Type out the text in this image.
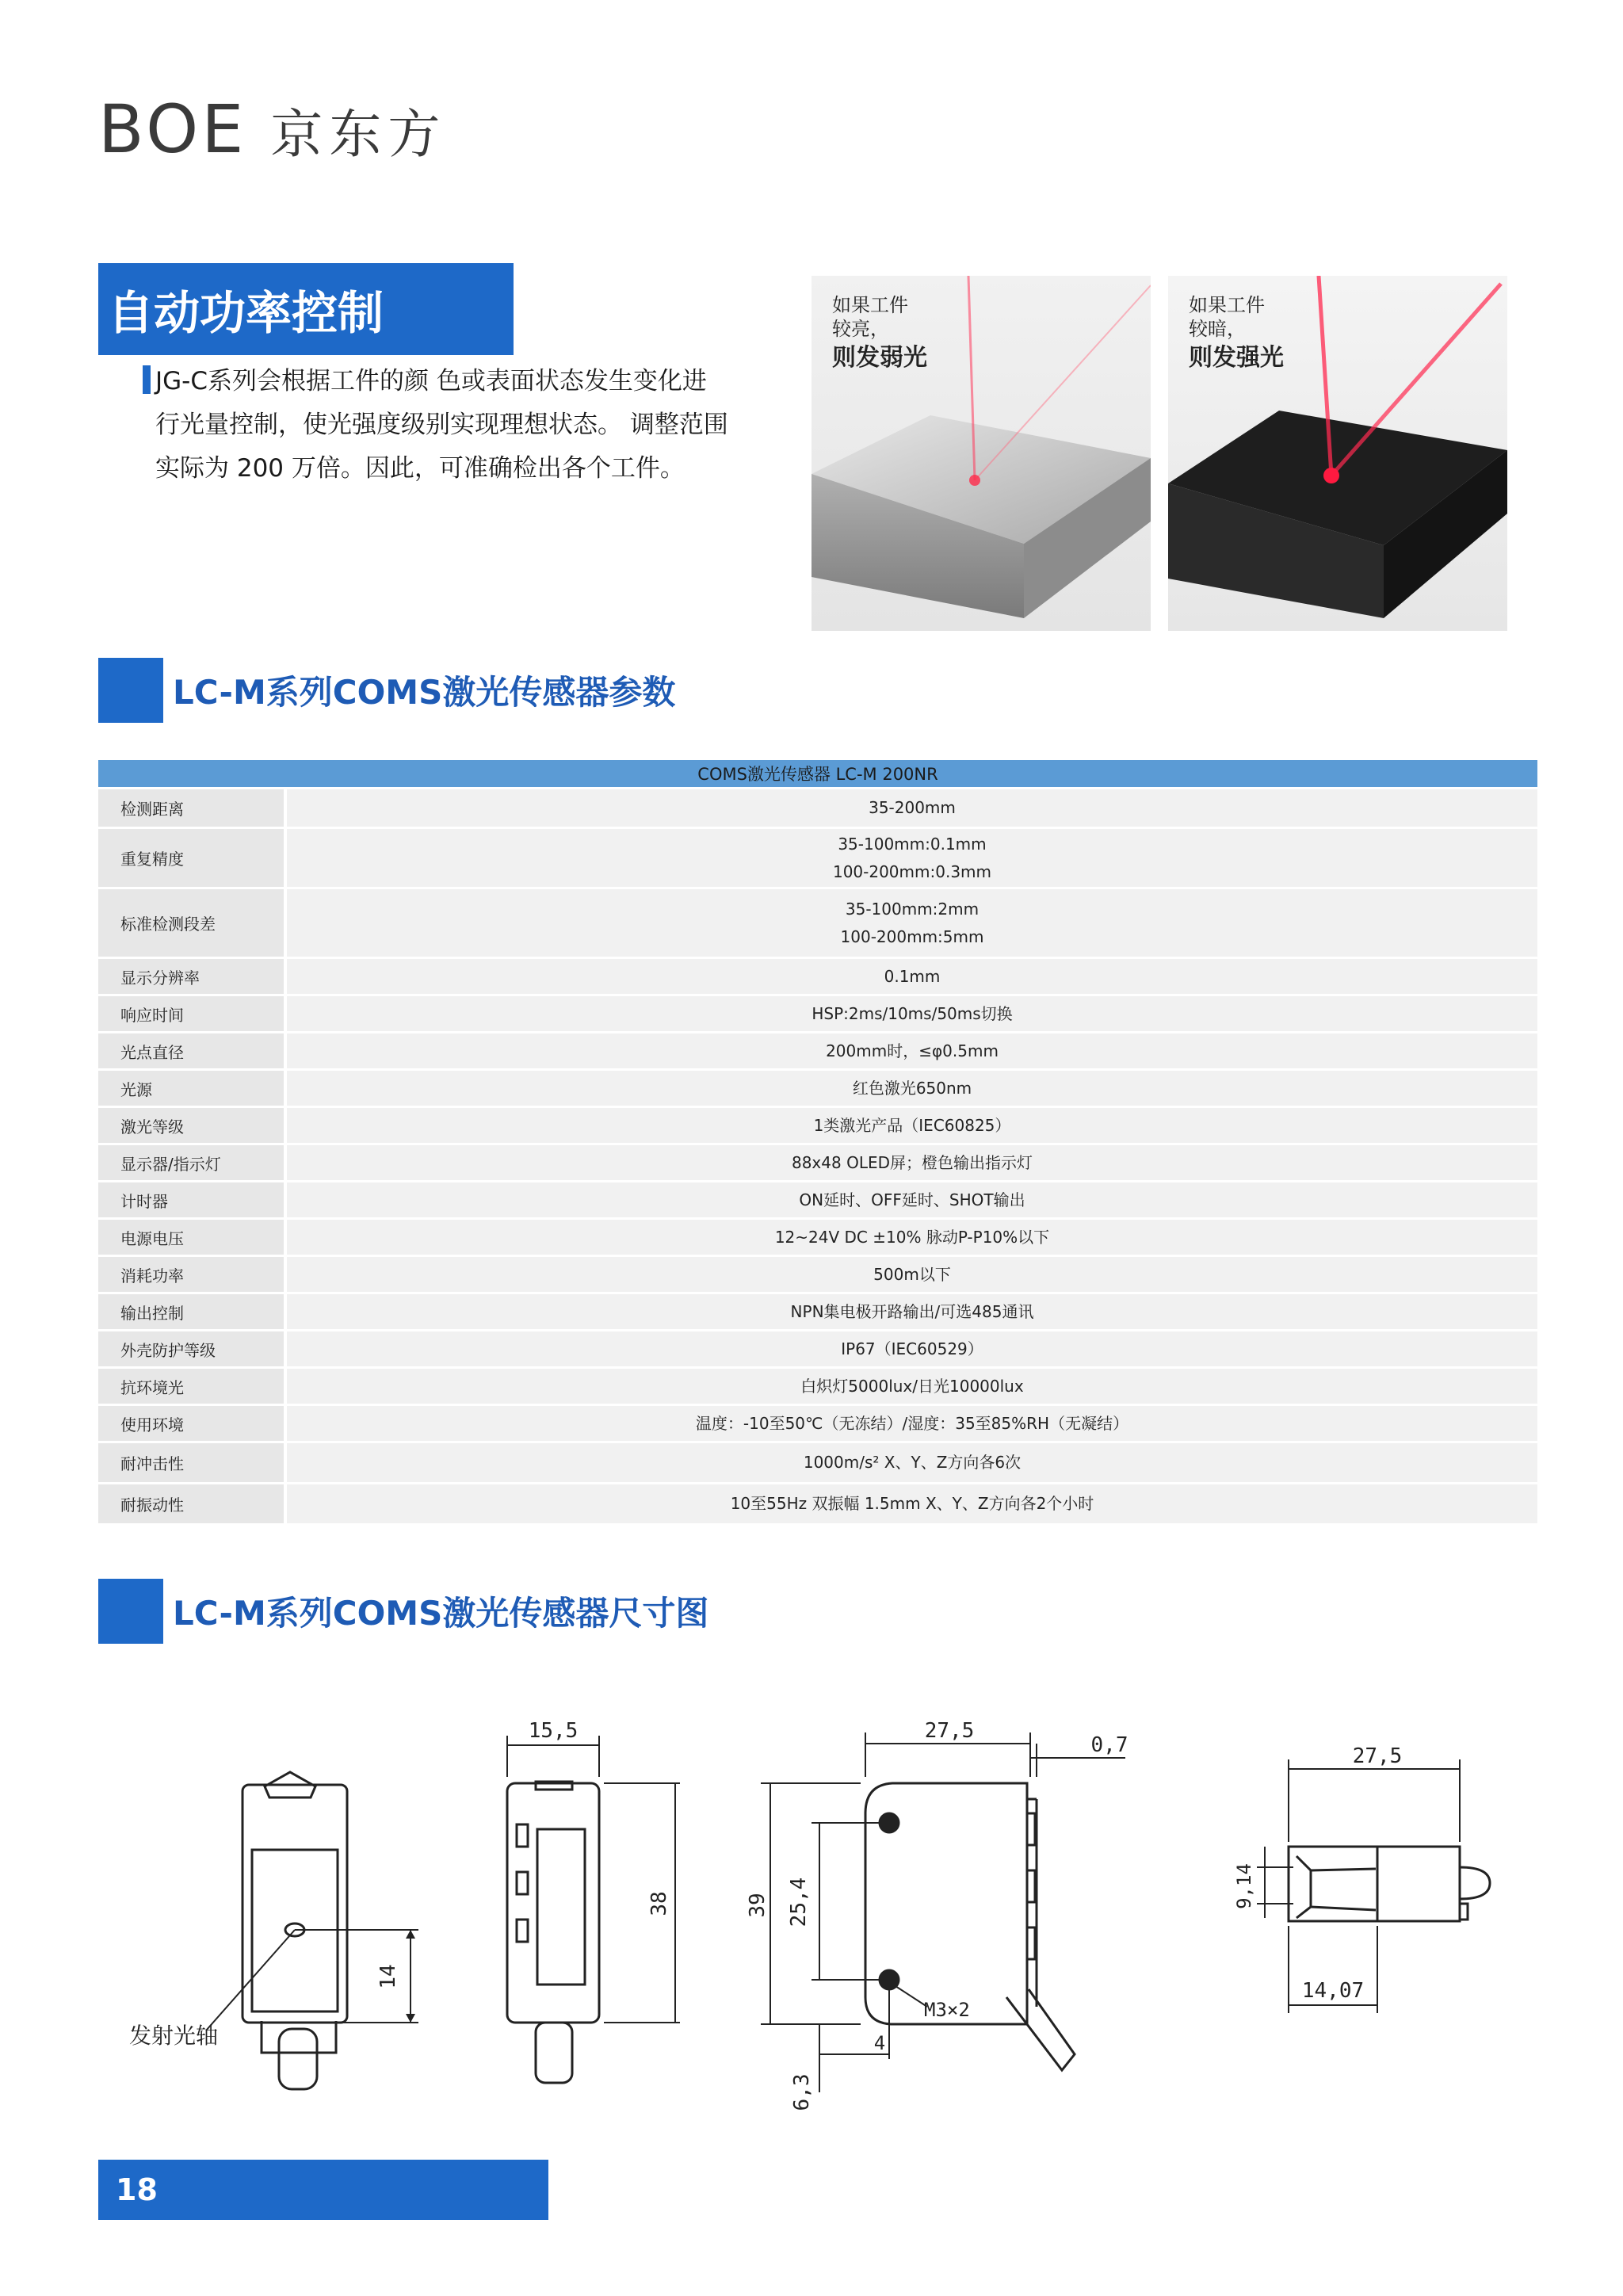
BOE 京东方
自动功率控制
JG-C系列会根据工件的颜 色或表面状态发生变化进
行光量控制，使光强度级别实现理想状态。 调整范围
实际为 200 万倍。因此，可准确检出各个工件。
如果工件
较亮，
则发弱光
如果工件
较暗，
则发强光
LC-M系列COMS激光传感器参数
COMS激光传感器 LC-M 200NR	
检测距离	35-200mm

重复精度	35-100mm:0.1mm
100-200mm:0.3mm

标准检测段差	35-100mm:2mm
100-200mm:5mm

显示分辨率	0.1mm

响应时间	HSP:2ms/10ms/50ms切换

光点直径	200mm时，≤φ0.5mm

光源	红色激光650nm

激光等级	1类激光产品（IEC60825）

显示器/指示灯	88x48 OLED屏；橙色输出指示灯

计时器	ON延时、OFF延时、SHOT输出

电源电压	12~24V DC ±10% 脉动P-P10%以下

消耗功率	500m以下

输出控制	NPN集电极开路输出/可选485通讯

外壳防护等级	IP67（IEC60529）

抗环境光	白炽灯5000lux/日光10000lux

使用环境	温度：-10至50℃（无冻结）/湿度：35至85%RH（无凝结）

耐冲击性	1000m/s² X、Y、Z方向各6次

耐振动性	10至55Hz 双振幅 1.5mm X、Y、Z方向各2个小时
LC-M系列COMS激光传感器尺寸图
14
发射光轴
15,5
38
27,5
0,7
39 25,4
4
6,3
M3×2
27,5
9,14
14,07
18
